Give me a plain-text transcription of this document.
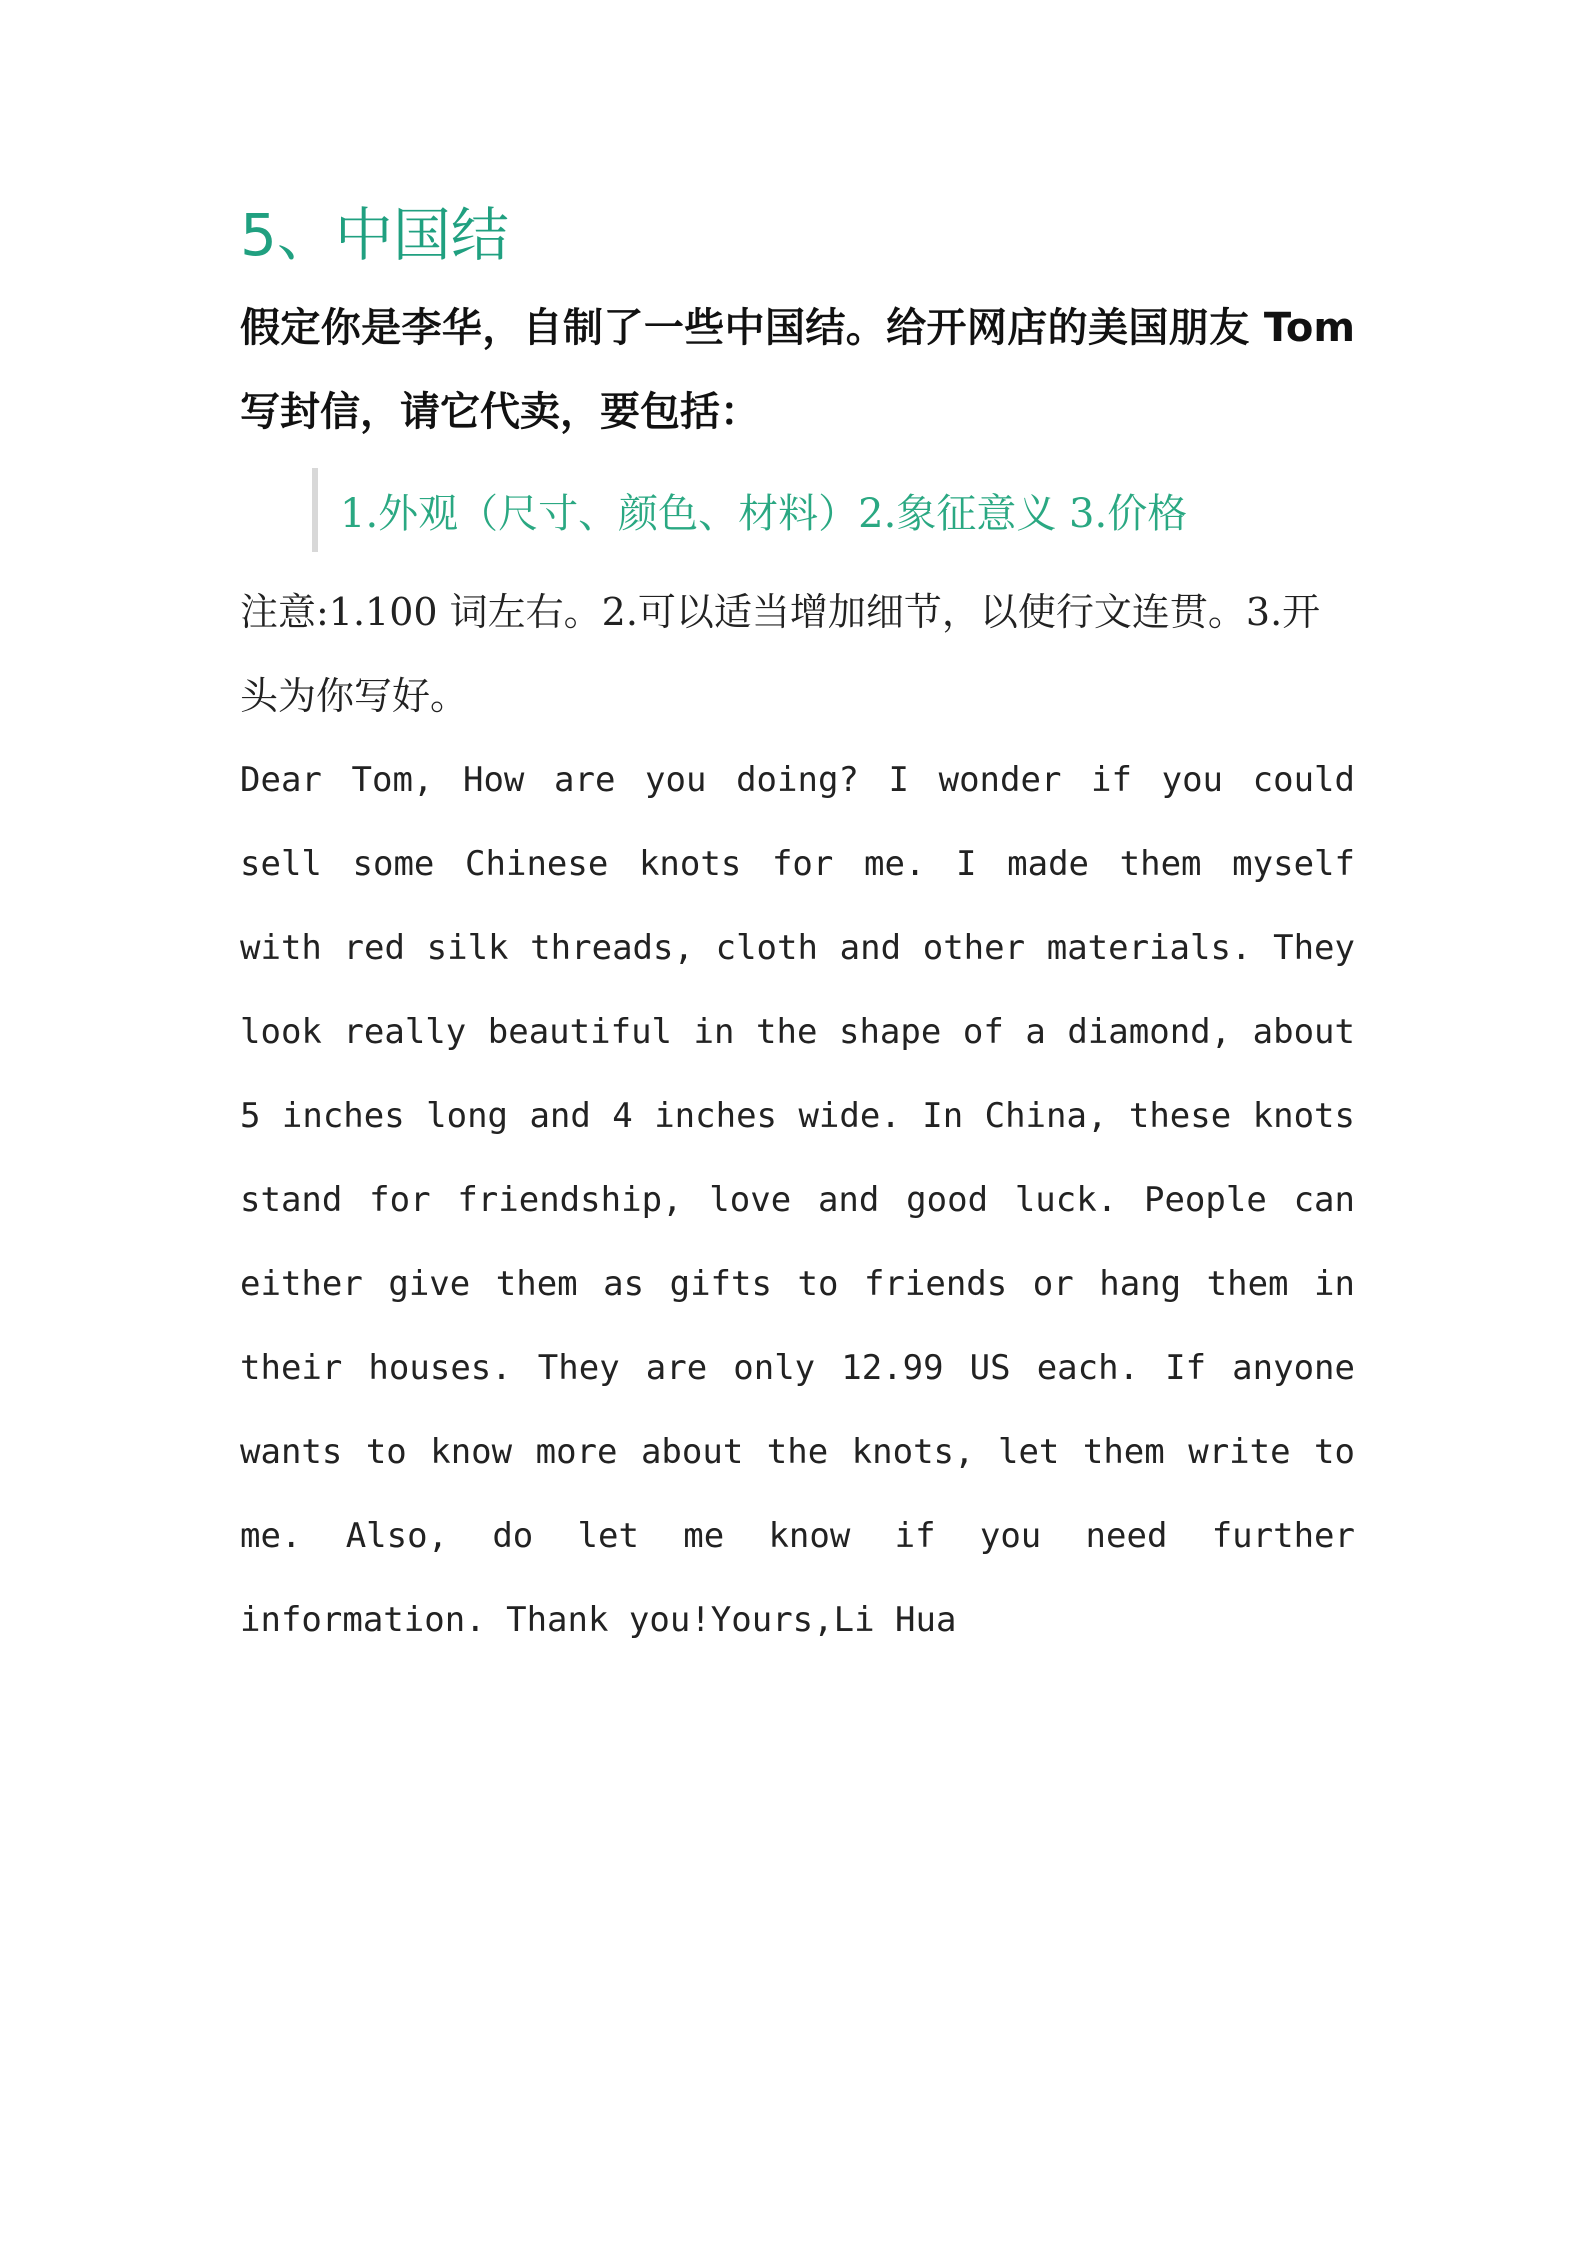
5、中国结

假定你是李华，自制了一些中国结。给开网店的美国朋友 Tom 写封信，请它代卖，要包括：

1.外观（尺寸、颜色、材料）2.象征意义 3.价格

注意:1.100 词左右。2.可以适当增加细节，以使行文连贯。3.开头为你写好。

Dear Tom, How are you doing? I wonder if you could sell some Chinese knots for me. I made them myself with red silk threads, cloth and other materials. They look really beautiful in the shape of a diamond, about 5 inches long and 4 inches wide. In China, these knots stand for friendship, love and good luck. People can either give them as gifts to friends or hang them in their houses. They are only 12.99 US each. If anyone wants to know more about the knots, let them write to me. Also, do let me know if you need further information. Thank you!Yours,Li Hua
